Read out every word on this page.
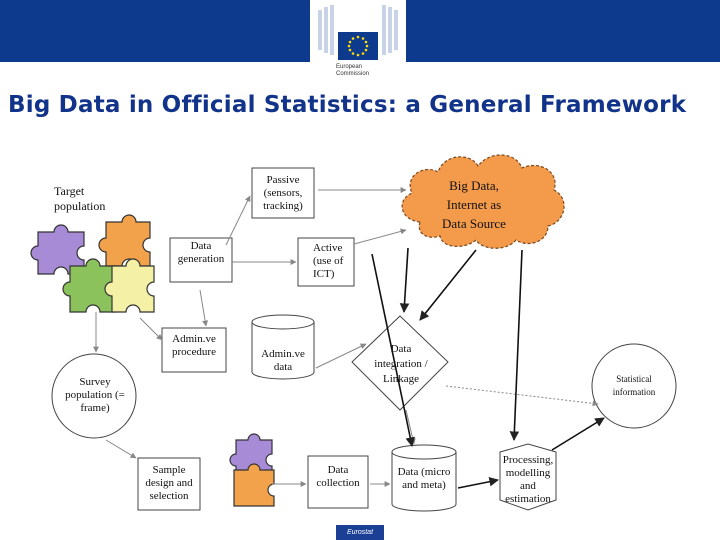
European
Commission
Big Data in Official Statistics: a General Framework
Target population
Passive (sensors, tracking)
Big Data,
Internet as
Data Source
Data generation
Active (use of ICT)
Admin.ve procedure	Admin.ve data
Data integration / Linkage
Survey population (= frame)
Statistical information
Sample design and selection
Data collection
Data (micro and meta)
Processing, modelling and estimation
Eurostat
